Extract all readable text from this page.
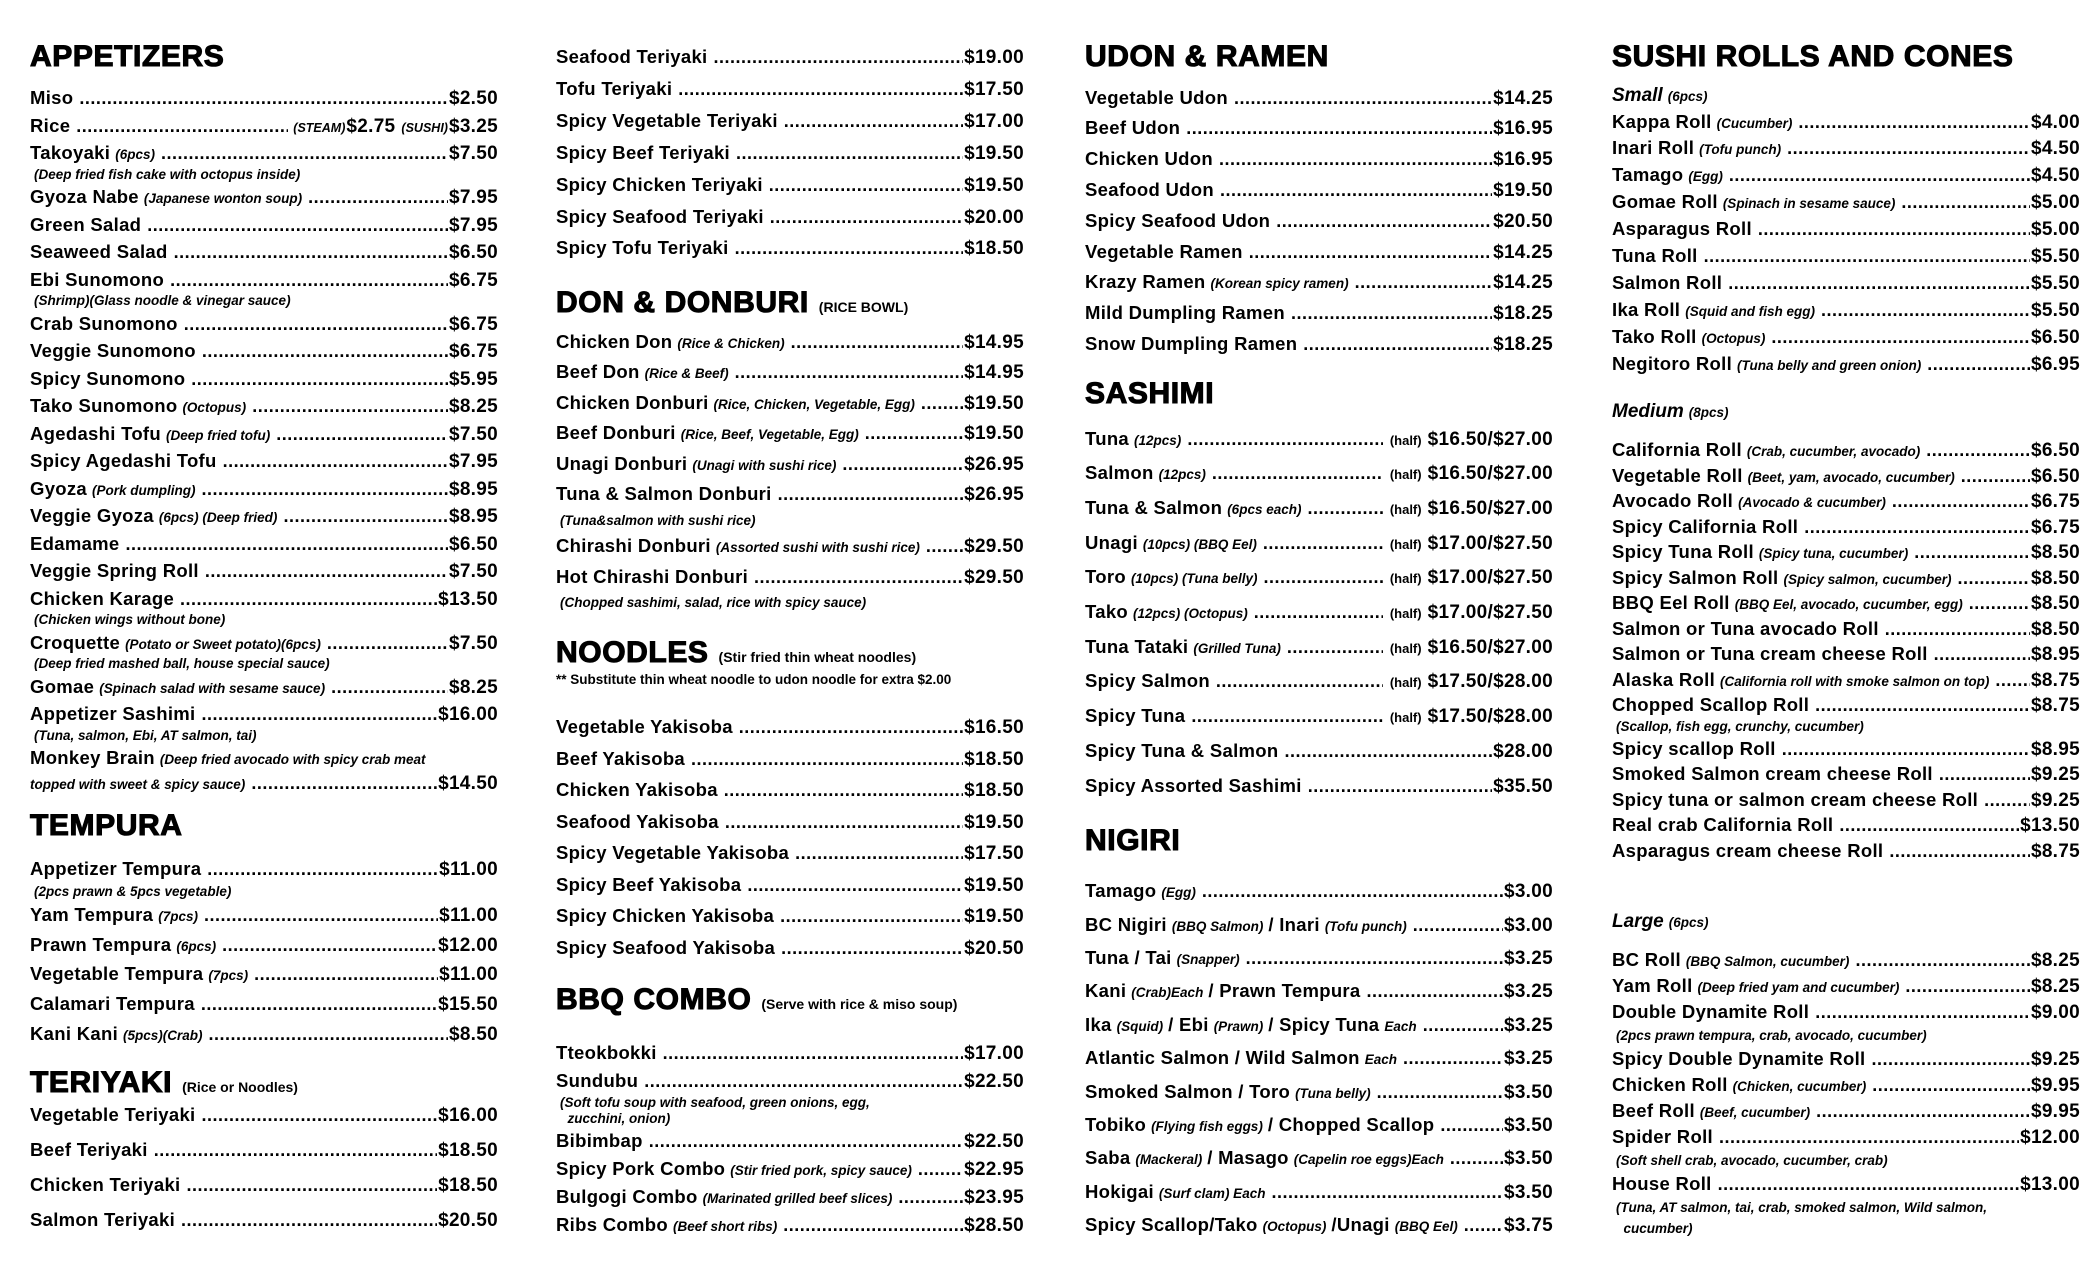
APPETIZERS
Miso .....	$2.50
Rice .....	(STEAM) $2.75 (SUSHI) $3.25
Takoyaki (6pcs) .....	$7.50
(Deep fried fish cake with octopus inside)
Gyoza Nabe (Japanese wonton soup) .....	$7.95
Green Salad .....	$7.95
Seaweed Salad .....	$6.50
Ebi Sunomono .....	$6.75
(Shrimp)(Glass noodle & vinegar sauce)
Crab Sunomono .....	$6.75
Veggie Sunomono .....	$6.75
Spicy Sunomono .....	$5.95
Tako Sunomono (Octopus) .....	$8.25
Agedashi Tofu (Deep fried tofu) .....	$7.50
Spicy Agedashi Tofu .....	$7.95
Gyoza (Pork dumpling) .....	$8.95
Veggie Gyoza (6pcs) (Deep fried) .....	$8.95
Edamame .....	$6.50
Veggie Spring Roll .....	$7.50
Chicken Karage .....	$13.50
(Chicken wings without bone)
Croquette (Potato or Sweet potato)(6pcs) .....	$7.50
(Deep fried mashed ball, house special sauce)
Gomae (Spinach salad with sesame sauce) .....	$8.25
Appetizer Sashimi .....	$16.00
(Tuna, salmon, Ebi, AT salmon, tai)
Monkey Brain (Deep fried avocado with spicy crab meat
topped with sweet & spicy sauce) .....	$14.50
TEMPURA
Appetizer Tempura .....	$11.00
(2pcs prawn & 5pcs vegetable)
Yam Tempura (7pcs) .....	$11.00
Prawn Tempura (6pcs) .....	$12.00
Vegetable Tempura (7pcs) .....	$11.00
Calamari Tempura .....	$15.50
Kani Kani (5pcs)(Crab) .....	$8.50
TERIYAKI (Rice or Noodles)
Vegetable Teriyaki .....	$16.00
Beef Teriyaki .....	$18.50
Chicken Teriyaki .....	$18.50
Salmon Teriyaki .....	$20.50
Seafood Teriyaki .....	$19.00
Tofu Teriyaki .....	$17.50
Spicy Vegetable Teriyaki .....	$17.00
Spicy Beef Teriyaki .....	$19.50
Spicy Chicken Teriyaki .....	$19.50
Spicy Seafood Teriyaki .....	$20.00
Spicy Tofu Teriyaki .....	$18.50
DON & DONBURI (RICE BOWL)
Chicken Don (Rice & Chicken) .....	$14.95
Beef Don (Rice & Beef) .....	$14.95
Chicken Donburi (Rice, Chicken, Vegetable, Egg) .....	$19.50
Beef Donburi (Rice, Beef, Vegetable, Egg) .....	$19.50
Unagi Donburi (Unagi with sushi rice) .....	$26.95
Tuna & Salmon Donburi .....	$26.95
(Tuna&salmon with sushi rice)
Chirashi Donburi (Assorted sushi with sushi rice) ..... $29.50
Hot Chirashi Donburi .....	$29.50
(Chopped sashimi, salad, rice with spicy sauce)
NOODLES (Stir fried thin wheat noodles)
** Substitute thin wheat noodle to udon noodle for extra $2.00
Vegetable Yakisoba .....	$16.50
Beef Yakisoba .....	$18.50
Chicken Yakisoba .....	$18.50
Seafood Yakisoba .....	$19.50
Spicy Vegetable Yakisoba .....	$17.50
Spicy Beef Yakisoba .....	$19.50
Spicy Chicken Yakisoba .....	$19.50
Spicy Seafood Yakisoba .....	$20.50
BBQ COMBO (Serve with rice & miso soup)
Tteokbokki .....	$17.00
Sundubu .....	$22.50
(Soft tofu soup with seafood, green onions, egg,
zucchini, onion)
Bibimbap .....	$22.50
Spicy Pork Combo (Stir fried pork, spicy sauce) .....	$22.95
Bulgogi Combo (Marinated grilled beef slices) .....	$23.95
Ribs Combo (Beef short ribs) .....	$28.50
UDON & RAMEN
Vegetable Udon .....	$14.25
Beef Udon .....	$16.95
Chicken Udon .....	$16.95
Seafood Udon .....	$19.50
Spicy Seafood Udon .....	$20.50
Vegetable Ramen .....	$14.25
Krazy Ramen (Korean spicy ramen) .....	$14.25
Mild Dumpling Ramen .....	$18.25
Snow Dumpling Ramen .....	$18.25
SASHIMI
Tuna (12pcs) .....	(half) $16.50/$27.00
Salmon (12pcs) .....	(half) $16.50/$27.00
Tuna & Salmon (6pcs each) .....	(half) $16.50/$27.00
Unagi (10pcs) (BBQ Eel) .....	(half) $17.00/$27.50
Toro (10pcs) (Tuna belly) .....	(half) $17.00/$27.50
Tako (12pcs) (Octopus) .....	(half) $17.00/$27.50
Tuna Tataki (Grilled Tuna) .....	(half) $16.50/$27.00
Spicy Salmon .....	(half) $17.50/$28.00
Spicy Tuna .....	(half) $17.50/$28.00
Spicy Tuna & Salmon .....	$28.00
Spicy Assorted Sashimi .....	$35.50
NIGIRI
Tamago (Egg) .....	$3.00
BC Nigiri (BBQ Salmon) / Inari (Tofu punch) .....	$3.00
Tuna / Tai (Snapper) .....	$3.25
Kani (Crab)Each / Prawn Tempura .....	$3.25
Ika (Squid) / Ebi (Prawn) / Spicy Tuna Each .....	$3.25
Atlantic Salmon / Wild Salmon Each .....	$3.25
Smoked Salmon / Toro (Tuna belly) .....	$3.50
Tobiko (Flying fish eggs) / Chopped Scallop .....	$3.50
Saba (Mackeral) / Masago (Capelin roe eggs)Each .....	$3.50
Hokigai (Surf clam) Each .....	$3.50
Spicy Scallop/Tako (Octopus) /Unagi (BBQ Eel) ..... $3.75
SUSHI ROLLS AND CONES
Small (6pcs)
Kappa Roll (Cucumber) .....	$4.00
Inari Roll (Tofu punch) .....	$4.50
Tamago (Egg) .....	$4.50
Gomae Roll (Spinach in sesame sauce) .....	$5.00
Asparagus Roll .....	$5.00
Tuna Roll .....	$5.50
Salmon Roll .....	$5.50
Ika Roll (Squid and fish egg) .....	$5.50
Tako Roll (Octopus) .....	$6.50
Negitoro Roll (Tuna belly and green onion) .....	$6.95
Medium (8pcs)
California Roll (Crab, cucumber, avocado) .....	$6.50
Vegetable Roll (Beet, yam, avocado, cucumber) .....	$6.50
Avocado Roll (Avocado & cucumber) .....	$6.75
Spicy California Roll .....	$6.75
Spicy Tuna Roll (Spicy tuna, cucumber) .....	$8.50
Spicy Salmon Roll (Spicy salmon, cucumber) .....	$8.50
BBQ Eel Roll (BBQ Eel, avocado, cucumber, egg) .....	$8.50
Salmon or Tuna avocado Roll .....	$8.50
Salmon or Tuna cream cheese Roll .....	$8.95
Alaska Roll (California roll with smoke salmon on top) ..... $8.75
Chopped Scallop Roll .....	$8.75
(Scallop, fish egg, crunchy, cucumber)
Spicy scallop Roll .....	$8.95
Smoked Salmon cream cheese Roll .....	$9.25
Spicy tuna or salmon cream cheese Roll .....	$9.25
Real crab California Roll .....	$13.50
Asparagus cream cheese Roll .....	$8.75
Large (6pcs)
BC Roll (BBQ Salmon, cucumber) .....	$8.25
Yam Roll (Deep fried yam and cucumber) .....	$8.25
Double Dynamite Roll .....	$9.00
(2pcs prawn tempura, crab, avocado, cucumber)
Spicy Double Dynamite Roll .....	$9.25
Chicken Roll (Chicken, cucumber) .....	$9.95
Beef Roll (Beef, cucumber) .....	$9.95
Spider Roll .....	$12.00
(Soft shell crab, avocado, cucumber, crab)
House Roll .....	$13.00
(Tuna, AT salmon, tai, crab, smoked salmon, Wild salmon,
cucumber)
